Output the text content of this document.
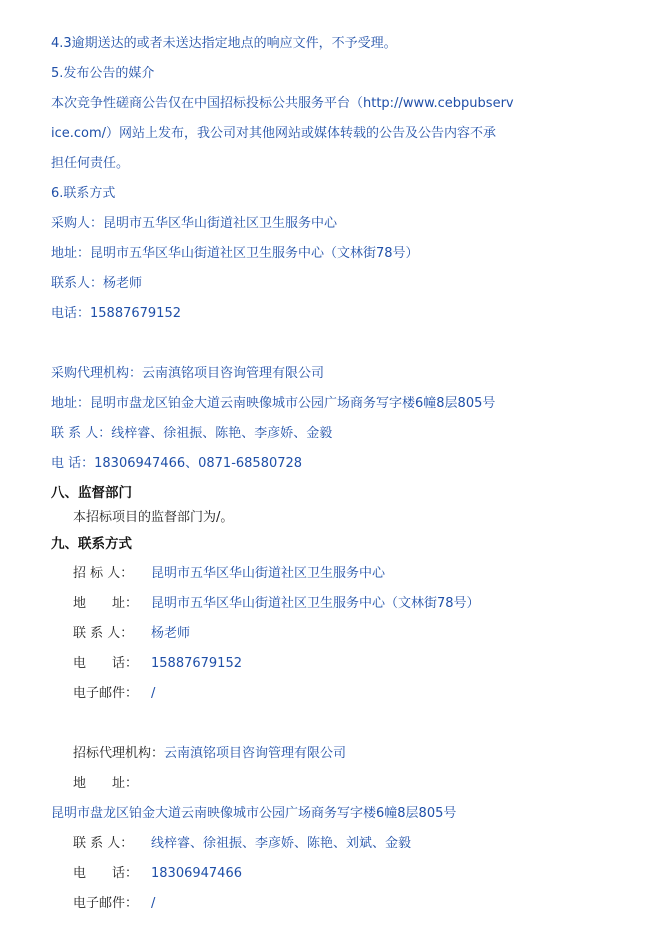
4.3逾期送达的或者未送达指定地点的响应文件，不予受理。
5.发布公告的媒介
本次竞争性磋商公告仅在中国招标投标公共服务平台（http://www.cebpubserv
ice.com/）网站上发布，我公司对其他网站或媒体转载的公告及公告内容不承
担任何责任。
6.联系方式
采购人：昆明市五华区华山街道社区卫生服务中心
地址：昆明市五华区华山街道社区卫生服务中心（文林街78号）
联系人：杨老师
电话：15887679152
采购代理机构：云南滇铭项目咨询管理有限公司
地址：昆明市盘龙区铂金大道云南映像城市公园广场商务写字楼6幢8层805号
联 系 人：线梓睿、徐祖振、陈艳、李彦娇、金毅
电 话：18306947466、0871-68580728
八、监督部门
本招标项目的监督部门为/。
九、联系方式
招 标 人： 昆明市五华区华山街道社区卫生服务中心
地　　址： 昆明市五华区华山街道社区卫生服务中心（文林街78号）
联 系 人： 杨老师
电　　话： 15887679152
电子邮件： /
招标代理机构：云南滇铭项目咨询管理有限公司
地　　址：
昆明市盘龙区铂金大道云南映像城市公园广场商务写字楼6幢8层805号
联 系 人： 线梓睿、徐祖振、李彦娇、陈艳、刘斌、金毅
电　　话： 18306947466
电子邮件： /
